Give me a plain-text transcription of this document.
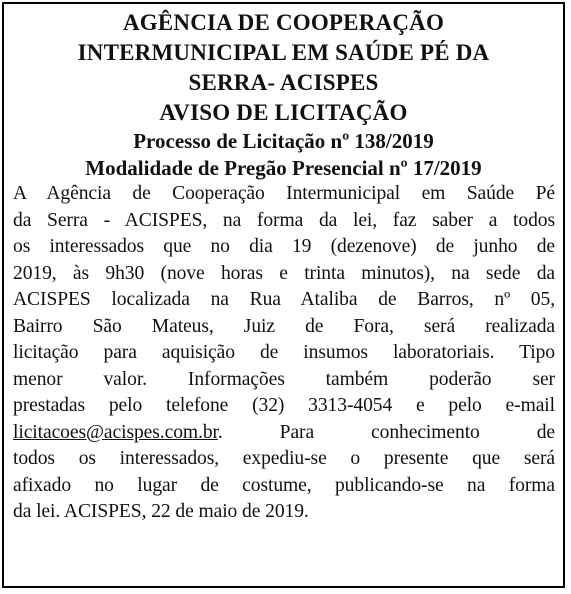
AGÊNCIA DE COOPERAÇÃO

INTERMUNICIPAL EM SAÚDE PÉ DA

SERRA- ACISPES

AVISO DE LICITAÇÃO

Processo de Licitação nº 138/2019

Modalidade de Pregão Presencial nº 17/2019

A Agência de Cooperação Intermunicipal em Saúde Pé

da Serra - ACISPES, na forma da lei, faz saber a todos

os interessados que no dia 19 (dezenove) de junho de

2019, às 9h30 (nove horas e trinta minutos), na sede da

ACISPES localizada na Rua Ataliba de Barros, nº 05,

Bairro São Mateus, Juiz de Fora, será realizada

licitação para aquisição de insumos laboratoriais. Tipo

menor valor. Informações também poderão ser

prestadas pelo telefone (32) 3313-4054 e pelo e-mail

licitacoes@acispes.com.br. Para conhecimento de

todos os interessados, expediu-se o presente que será

afixado no lugar de costume, publicando-se na forma

da lei. ACISPES, 22 de maio de 2019.
